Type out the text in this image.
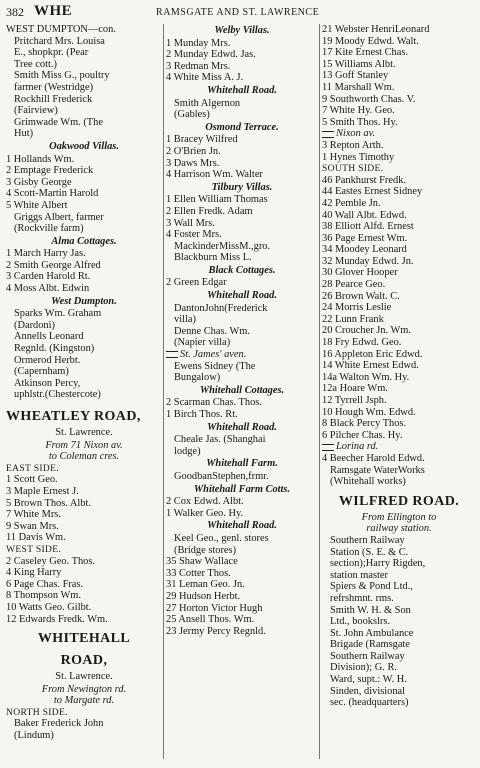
382 WHE	RAMSGATE AND ST. LAWRENCE
WEST DUMPTON—con.
Pritchard Mrs. Louisa
E., shopkpr. (Pear
Tree cott.)
Smith Miss G., poultry
farmer (Westridge)
Rockhill Frederick
(Fairview)
Grimwade Wm. (The
Hut)
Oakwood Villas.
1 Hollands Wm.
2 Emptage Frederick
3 Gisby George
4 Scott-Martin Harold
5 White Albert
Griggs Albert, farmer
(Rockville farm)
Alma Cottages.
1 March Harry Jas.
2 Smith George Alfred
3 Carden Harold Rt.
4 Moss Albt. Edwin
West Dumpton.
Sparks Wm. Graham
(Dardoni)
Annells Leonard
Regnld. (Kingston)
Ormerod Herbt.
(Capernham)
Atkinson Percy,
uphlstr.(Chestercote)
WHEATLEY ROAD,
St. Lawrence.
From 71 Nixon av.
to Coleman cres.
EAST SIDE.
1 Scott Geo.
3 Maple Ernest J.
5 Brown Thos. Albt.
7 White Mrs.
9 Swan Mrs.
11 Davis Wm.
WEST SIDE.
2 Caseley Geo. Thos.
4 King Harry
6 Page Chas. Fras.
8 Thompson Wm.
10 Watts Geo. Gilbt.
12 Edwards Fredk. Wm.
WHITEHALL
ROAD,
St. Lawrence.
From Newington rd.
to Margate rd.
NORTH SIDE.
Baker Frederick John
(Lindum)
Welby Villas.
1 Munday Mrs.
2 Munday Edwd. Jas.
3 Redman Mrs.
4 White Miss A. J.
Whitehall Road.
Smith Algernon
(Gables)
Osmond Terrace.
1 Bracey Wilfred
2 O'Brien Jn.
3 Daws Mrs.
4 Harrison Wm. Walter
Tilbury Villas.
1 Ellen William Thomas
2 Ellen Fredk. Adam
3 Wall Mrs.
4 Foster Mrs.
MackinderMissM.,gro.
Blackburn Miss L.
Black Cottages.
2 Green Edgar
Whitehall Road.
DantonJohn(Frederick
villa)
Denne Chas. Wm.
(Napier villa)
St. James' aven.
Ewens Sidney (The
Bungalow)
Whitehall Cottages.
2 Scarman Chas. Thos.
1 Birch Thos. Rt.
Whitehall Road.
Cheale Jas. (Shanghai
lodge)
Whitehall Farm.
GoodbanStephen,frmr.
Whitehall Farm Cotts.
2 Cox Edwd. Albt.
1 Walker Geo. Hy.
Whitehall Road.
Keel Geo., genl. stores
(Bridge stores)
35 Shaw Wallace
33 Cotter Thos.
31 Leman Geo. Jn.
29 Hudson Herbt.
27 Horton Victor Hugh
25 Ansell Thos. Wm.
23 Jermy Percy Regnld.
21 Webster HenriLeonard
19 Moody Edwd. Walt.
17 Kite Ernest Chas.
15 Williams Albt.
13 Goff Stanley
11 Marshall Wm.
9 Southworth Chas. V.
7 White Hy. Geo.
5 Smith Thos. Hy.
Nixon av.
3 Repton Arth.
1 Hynes Timothy
SOUTH SIDE.
46 Pankhurst Fredk.
44 Eastes Ernest Sidney
42 Pemble Jn.
40 Wall Albt. Edwd.
38 Elliott Alfd. Ernest
36 Page Ernest Wm.
34 Moodey Leonard
32 Munday Edwd. Jn.
30 Glover Hooper
28 Pearce Geo.
26 Brown Walt. C.
24 Morris Leslie
22 Lunn Frank
20 Croucher Jn. Wm.
18 Fry Edwd. Geo.
16 Appleton Eric Edwd.
14 White Ernest Edwd.
14a Walton Wm. Hy.
12a Hoare Wm.
12 Tyrrell Jsph.
10 Hough Wm. Edwd.
8 Black Percy Thos.
6 Pilcher Chas. Hy.
Lorina rd.
4 Beecher Harold Edwd.
Ramsgate WaterWorks
(Whitehall works)
WILFRED ROAD.
From Ellington to
railway station.
Southern Railway
Station (S. E. & C.
section);Harry Rigden,
station master
Spiers & Pond Ltd.,
refrshmnt. rms.
Smith W. H. & Son
Ltd., bookslrs.
St. John Ambulance
Brigade (Ramsgate
Southern Railway
Division); G. R.
Ward, supt.: W. H.
Sinden, divisional
sec. (headquarters)
